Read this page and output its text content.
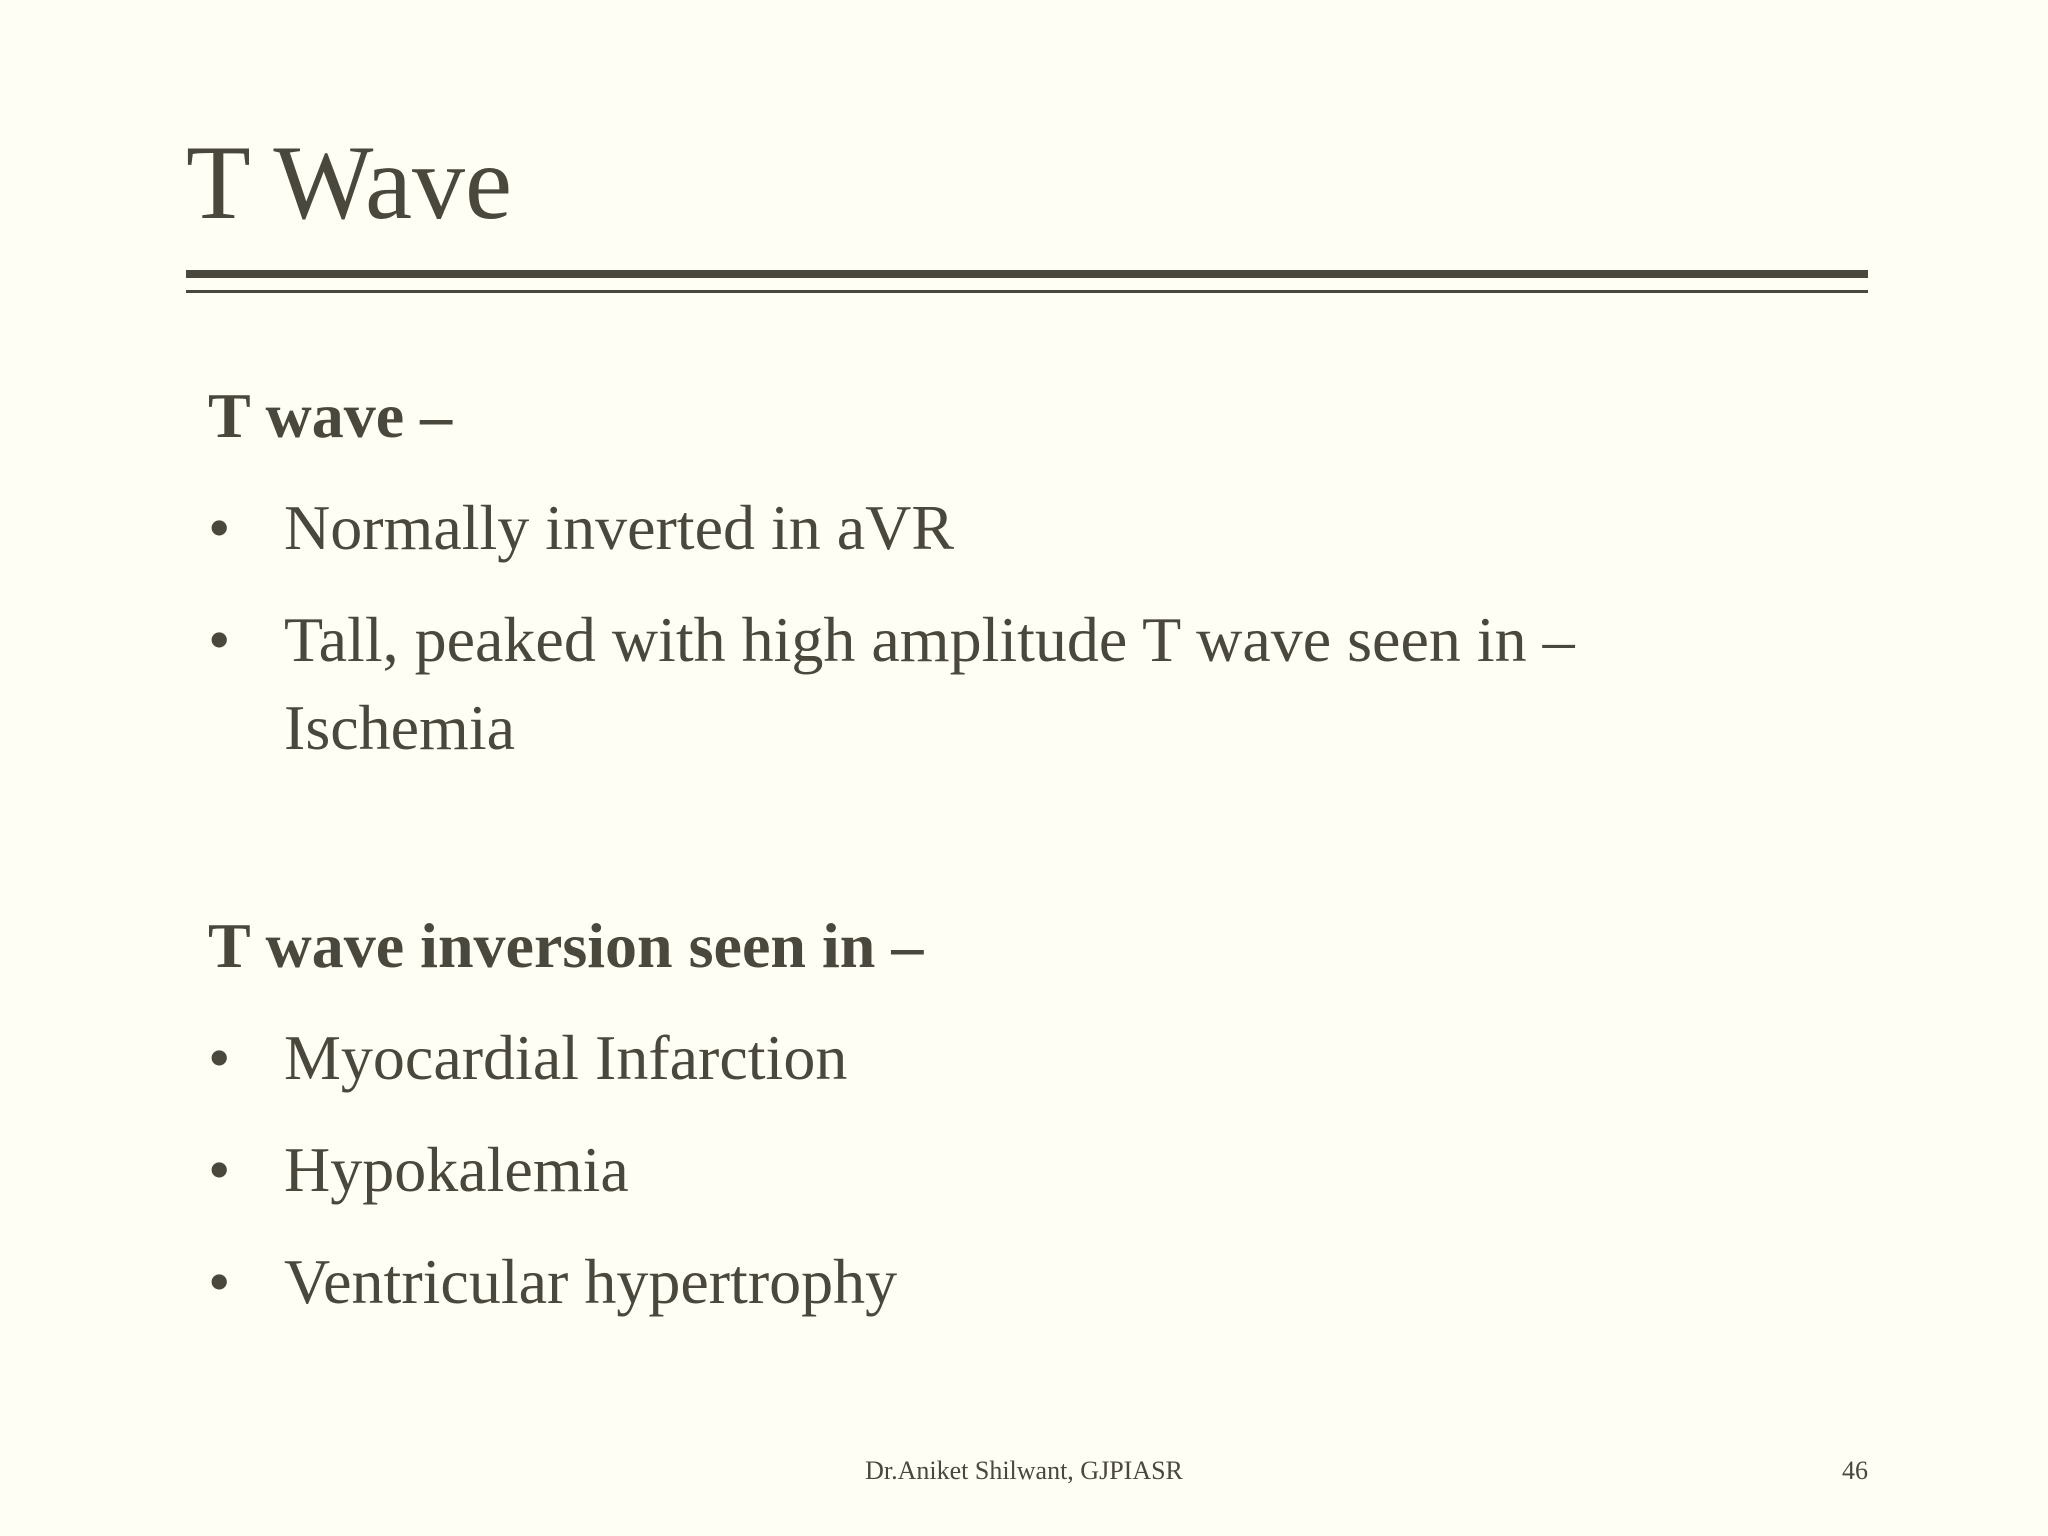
T Wave
T wave –
• Normally inverted in aVR
• Tall, peaked with high amplitude T wave seen in –
Ischemia
T wave inversion seen in –
• Myocardial Infarction
• Hypokalemia
• Ventricular hypertrophy
Dr.Aniket Shilwant, GJPIASR	46
